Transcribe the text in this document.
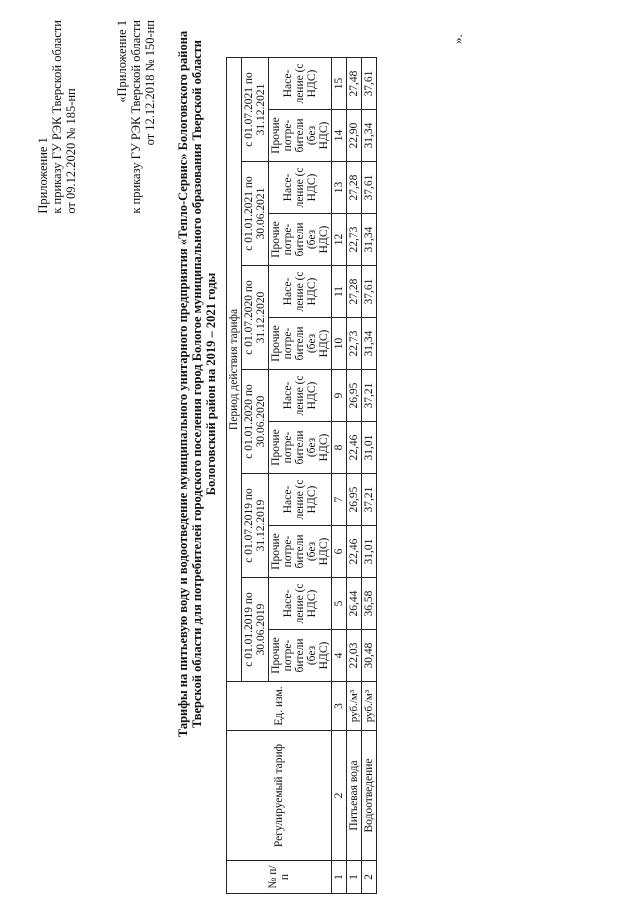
Приложение 1 к приказу ГУ РЭК Тверской области от 09.12.2020 № 185-нп
«Приложение 1 к приказу ГУ РЭК Тверской области от 12.12.2018 № 150-нп Тарифы на питьевую воду и водоотведение муниципального унитарного предприятия «Тепло-Сервис» Бологовского района Тверской области для потребителей городского поселения город Бологое муниципального образования Тверской области Бологовский район на 2019 – 2021 годы
№ п/п	Регулируемый тариф	Ед. изм.	Период действия тарифа											
			с 01.01.2019 по 30.06.2019		с 01.07.2019 по 31.12.2019		с 01.01.2020 по 30.06.2020		с 01.07.2020 по 31.12.2020		с 01.01.2021 по 30.06.2021		с 01.07.2021 по 31.12.2021	
			Прочие потре-бители (без НДС)	Насе-ление (с НДС)	Прочие потре-бители (без НДС)	Насе-ление (с НДС)	Прочие потре-бители (без НДС)	Насе-ление (с НДС)	Прочие потре-бители (без НДС)	Насе-ление (с НДС)	Прочие потре-бители (без НДС)	Насе-ление (с НДС)	Прочие потре-бители (без НДС)	Насе-ление (с НДС)
1	2	3	4	5	6	7	8	9	10	11	12	13	14	15
1	Питьевая вода	руб./м³	22,03	26,44	22,46	26,95	22,46	26,95	22,73	27,28	22,73	27,28	22,90	27,48
2	Водоотведение	руб./м³	30,48	36,58	31,01	37,21	31,01	37,21	31,34	37,61	31,34	37,61	31,34	37,61
».
